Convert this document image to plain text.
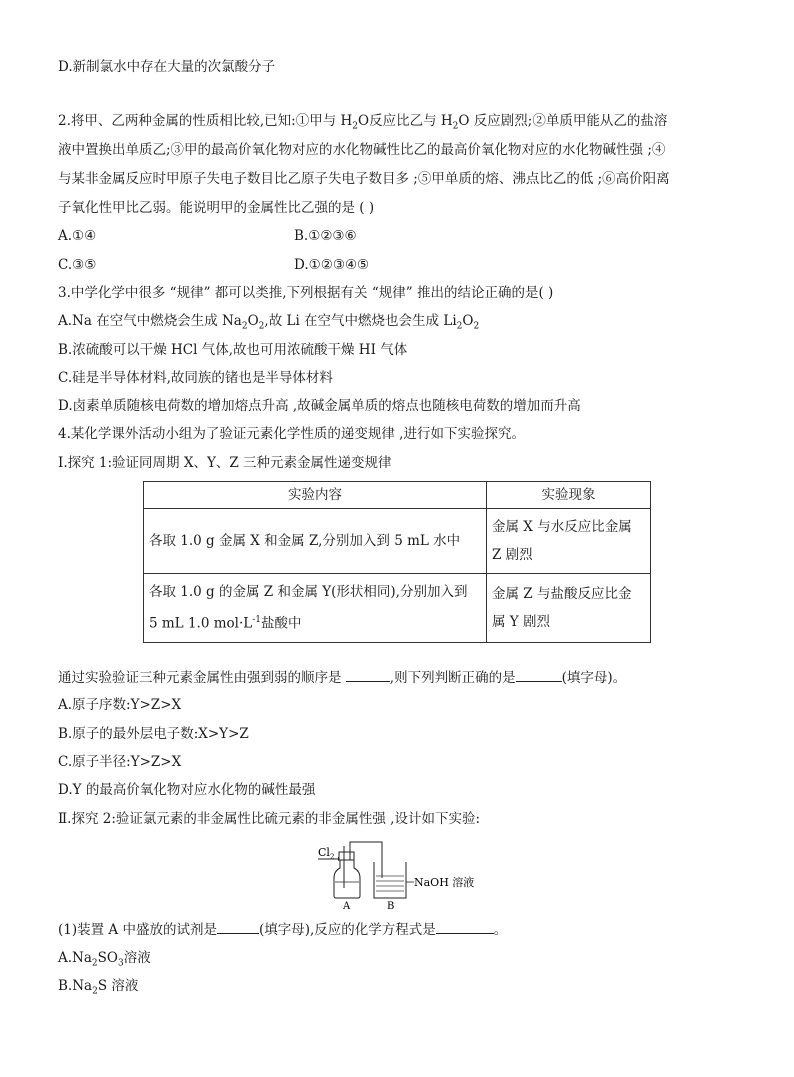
D.新制氯水中存在大量的次氯酸分子
2.将甲、乙两种金属的性质相比较,已知:①甲与 $H_2O$反应比乙与 $H_2O$ 反应剧烈;②单质甲能从乙的盐溶
液中置换出单质乙;③甲的最高价氧化物对应的水化物碱性比乙的最高价氧化物对应的水化物碱性强 ;④
与某非金属反应时甲原子失电子数目比乙原子失电子数目多 ;⑤甲单质的熔、沸点比乙的低 ;⑥高价阳离
子氧化性甲比乙弱。能说明甲的金属性比乙强的是 ( )
A.①④	B.①②③⑥
C.③⑤	D.①②③④⑤
3.中学化学中很多 “规律” 都可以类推,下列根据有关 “规律” 推出的结论正确的是( )
A.Na 在空气中燃烧会生成 $Na_2O_2$,故 Li 在空气中燃烧也会生成 $Li_2O_2$
B.浓硫酸可以干燥 HCl 气体,故也可用浓硫酸干燥 HI 气体
C.硅是半导体材料,故同族的锗也是半导体材料
D.卤素单质随核电荷数的增加熔点升高 ,故碱金属单质的熔点也随核电荷数的增加而升高
4.某化学课外活动小组为了验证元素化学性质的递变规律 ,进行如下实验探究。
Ⅰ.探究 1:验证同周期 X、Y、Z 三种元素金属性递变规律
实验内容	实验现象
各取 1.0 g 金属 X 和金属 Z,分别加入到 5 mL 水中	金属 X 与水反应比金属
Z 剧烈
各取 1.0 g 的金属 Z 和金属 Y(形状相同),分别加入到
5 mL 1.0 $mol\cdot L^{-1}$盐酸中	金属 Z 与盐酸反应比金
属 Y 剧烈
通过实验验证三种元素金属性由强到弱的顺序是	,则下列判断正确的是	(填字母)。
A.原子序数:Y>Z>X
B.原子的最外层电子数:X>Y>Z
C.原子半径:Y>Z>X
D.Y 的最高价氧化物对应水化物的碱性最强
Ⅱ.探究 2:验证氯元素的非金属性比硫元素的非金属性强 ,设计如下实验:
$Cl_2$
NaOH 溶液
A	B
(1)装置 A 中盛放的试剂是	(填字母),反应的化学方程式是	。
$A.Na_2SO_3$溶液
$B.Na_2S$ 溶液
